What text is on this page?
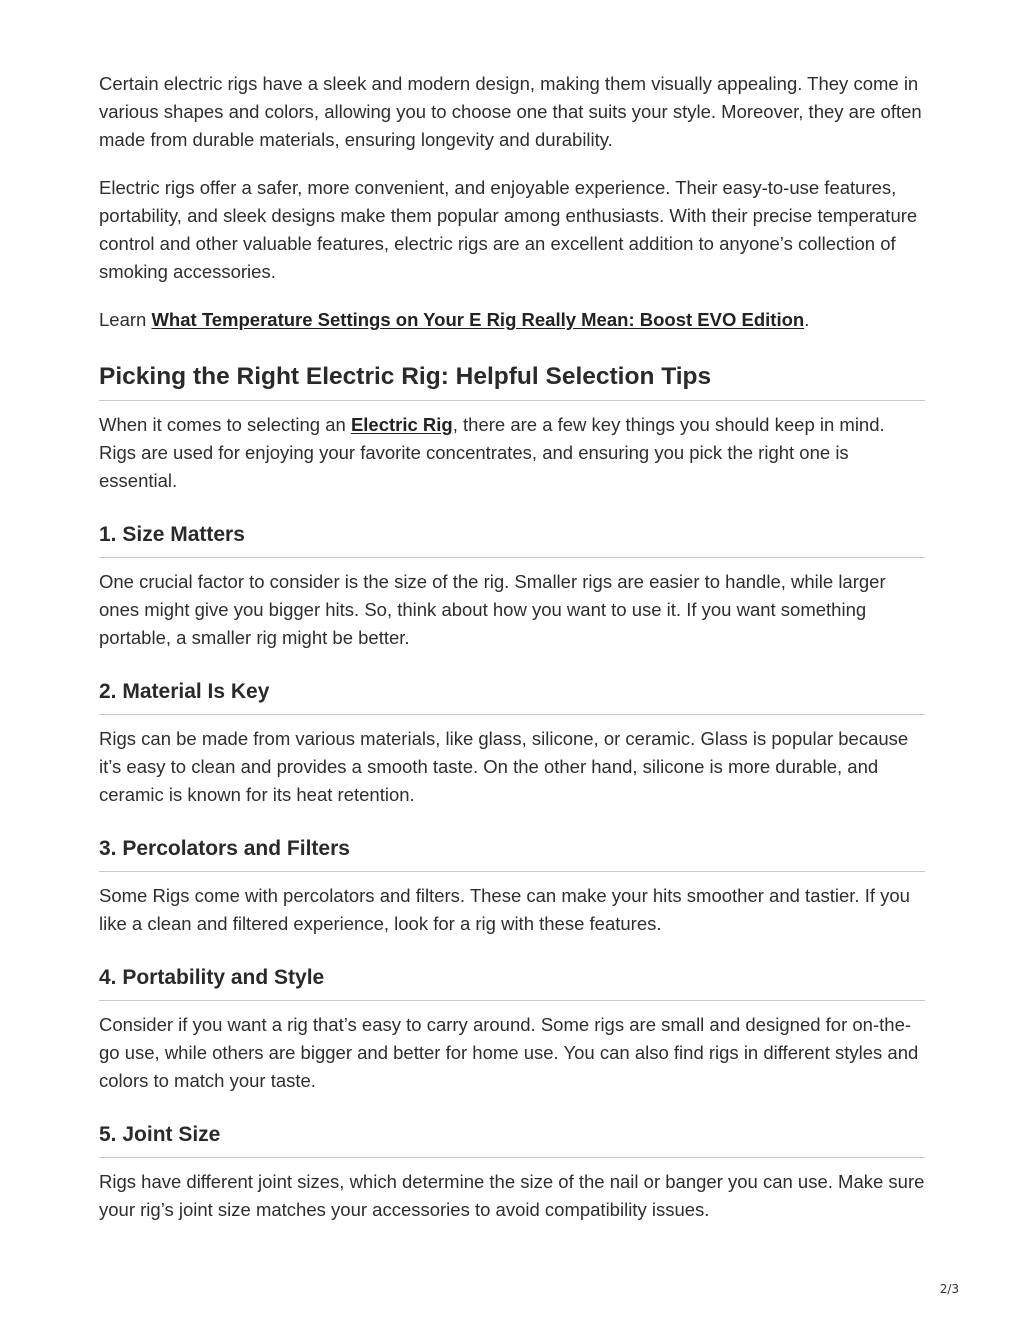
Certain electric rigs have a sleek and modern design, making them visually appealing. They come in various shapes and colors, allowing you to choose one that suits your style. Moreover, they are often made from durable materials, ensuring longevity and durability.

Electric rigs offer a safer, more convenient, and enjoyable experience. Their easy-to-use features, portability, and sleek designs make them popular among enthusiasts. With their precise temperature control and other valuable features, electric rigs are an excellent addition to anyone’s collection of smoking accessories.

Learn What Temperature Settings on Your E Rig Really Mean: Boost EVO Edition.

Picking the Right Electric Rig: Helpful Selection Tips

When it comes to selecting an Electric Rig, there are a few key things you should keep in mind. Rigs are used for enjoying your favorite concentrates, and ensuring you pick the right one is essential.

1. Size Matters

One crucial factor to consider is the size of the rig. Smaller rigs are easier to handle, while larger ones might give you bigger hits. So, think about how you want to use it. If you want something portable, a smaller rig might be better.

2. Material Is Key

Rigs can be made from various materials, like glass, silicone, or ceramic. Glass is popular because it’s easy to clean and provides a smooth taste. On the other hand, silicone is more durable, and ceramic is known for its heat retention.

3. Percolators and Filters

Some Rigs come with percolators and filters. These can make your hits smoother and tastier. If you like a clean and filtered experience, look for a rig with these features.

4. Portability and Style

Consider if you want a rig that’s easy to carry around. Some rigs are small and designed for on-the-go use, while others are bigger and better for home use. You can also find rigs in different styles and colors to match your taste.

5. Joint Size

Rigs have different joint sizes, which determine the size of the nail or banger you can use. Make sure your rig’s joint size matches your accessories to avoid compatibility issues.

2/3
